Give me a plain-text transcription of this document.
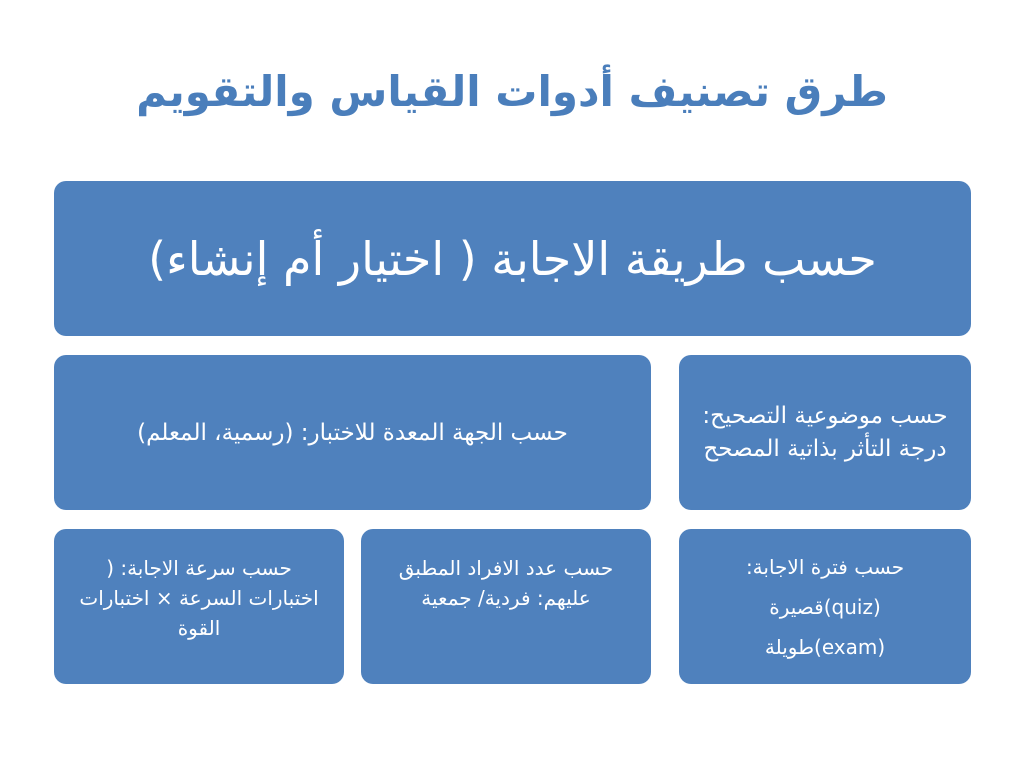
طرق تصنيف أدوات القياس والتقويم
حسب طريقة الاجابة ( اختيار أم إنشاء)
حسب الجهة المعدة للاختبار: (رسمية، المعلم)
حسب موضوعية التصحيح: درجة التأثر بذاتية المصحح
حسب سرعة الاجابة: ( اختبارات السرعة × اختبارات القوة
حسب عدد الافراد المطبق عليهم: فردية/ جمعية

حسب فترة الاجابة:

(quiz)قصيرة

(exam)طويلة
